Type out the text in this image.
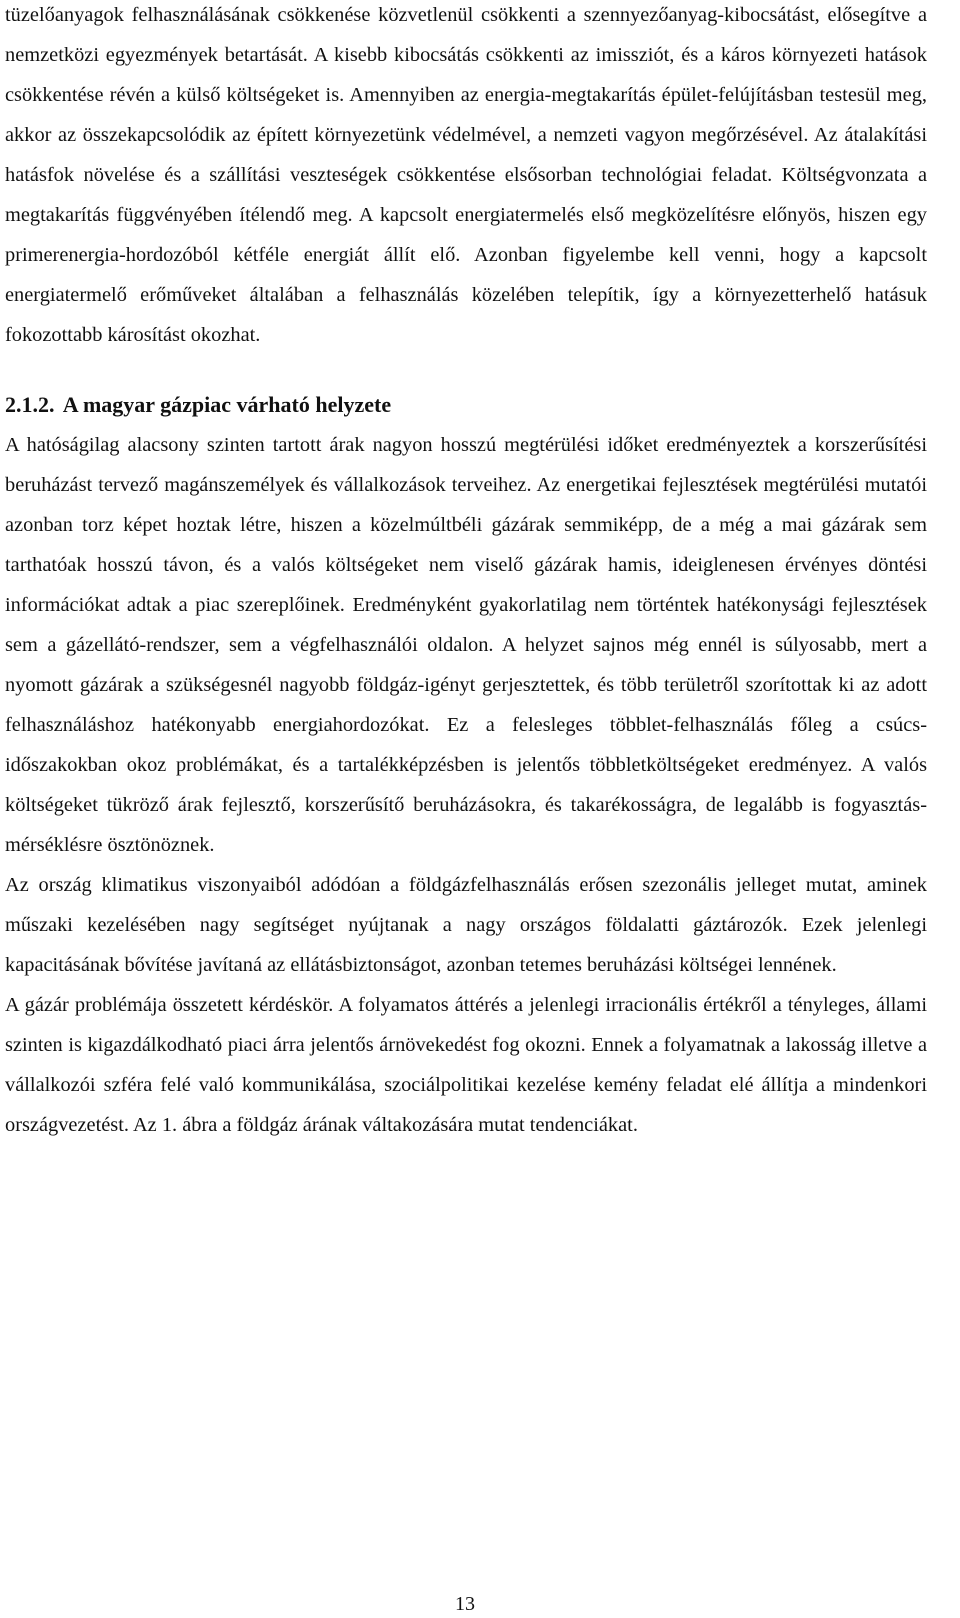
tüzelőanyagok felhasználásának csökkenése közvetlenül csökkenti a szennyezőanyag-kibocsátást, elősegítve a nemzetközi egyezmények betartását. A kisebb kibocsátás csökkenti az imissziót, és a káros környezeti hatások csökkentése révén a külső költségeket is. Amennyiben az energia-megtakarítás épület-felújításban testesül meg, akkor az összekapcsolódik az épített környezetünk védelmével, a nemzeti vagyon megőrzésével. Az átalakítási hatásfok növelése és a szállítási veszteségek csökkentése elsősorban technológiai feladat. Költségvonzata a megtakarítás függvényében ítélendő meg. A kapcsolt energiatermelés első megközelítésre előnyös, hiszen egy primerenergia-hordozóból kétféle energiát állít elő. Azonban figyelembe kell venni, hogy a kapcsolt energiatermelő erőműveket általában a felhasználás közelében telepítik, így a környezetterhelő hatásuk fokozottabb károsítást okozhat.

2.1.2. A magyar gázpiac várható helyzete

A hatóságilag alacsony szinten tartott árak nagyon hosszú megtérülési időket eredményeztek a korszerűsítési beruházást tervező magánszemélyek és vállalkozások terveihez. Az energetikai fejlesztések megtérülési mutatói azonban torz képet hoztak létre, hiszen a közelmúltbéli gázárak semmiképp, de a még a mai gázárak sem tarthatóak hosszú távon, és a valós költségeket nem viselő gázárak hamis, ideiglenesen érvényes döntési információkat adtak a piac szereplőinek. Eredményként gyakorlatilag nem történtek hatékonysági fejlesztések sem a gázellátó-rendszer, sem a végfelhasználói oldalon. A helyzet sajnos még ennél is súlyosabb, mert a nyomott gázárak a szükségesnél nagyobb földgáz-igényt gerjesztettek, és több területről szorítottak ki az adott felhasználáshoz hatékonyabb energiahordozókat. Ez a felesleges többlet-felhasználás főleg a csúcs-időszakokban okoz problémákat, és a tartalékképzésben is jelentős többletköltségeket eredményez. A valós költségeket tükröző árak fejlesztő, korszerűsítő beruházásokra, és takarékosságra, de legalább is fogyasztás-mérséklésre ösztönöznek.

Az ország klimatikus viszonyaiból adódóan a földgázfelhasználás erősen szezonális jelleget mutat, aminek műszaki kezelésében nagy segítséget nyújtanak a nagy országos földalatti gáztározók. Ezek jelenlegi kapacitásának bővítése javítaná az ellátásbiztonságot, azonban tetemes beruházási költségei lennének.

A gázár problémája összetett kérdéskör. A folyamatos áttérés a jelenlegi irracionális értékről a tényleges, állami szinten is kigazdálkodható piaci árra jelentős árnövekedést fog okozni. Ennek a folyamatnak a lakosság illetve a vállalkozói szféra felé való kommunikálása, szociálpolitikai kezelése kemény feladat elé állítja a mindenkori országvezetést. Az 1. ábra a földgáz árának váltakozására mutat tendenciákat.

13
